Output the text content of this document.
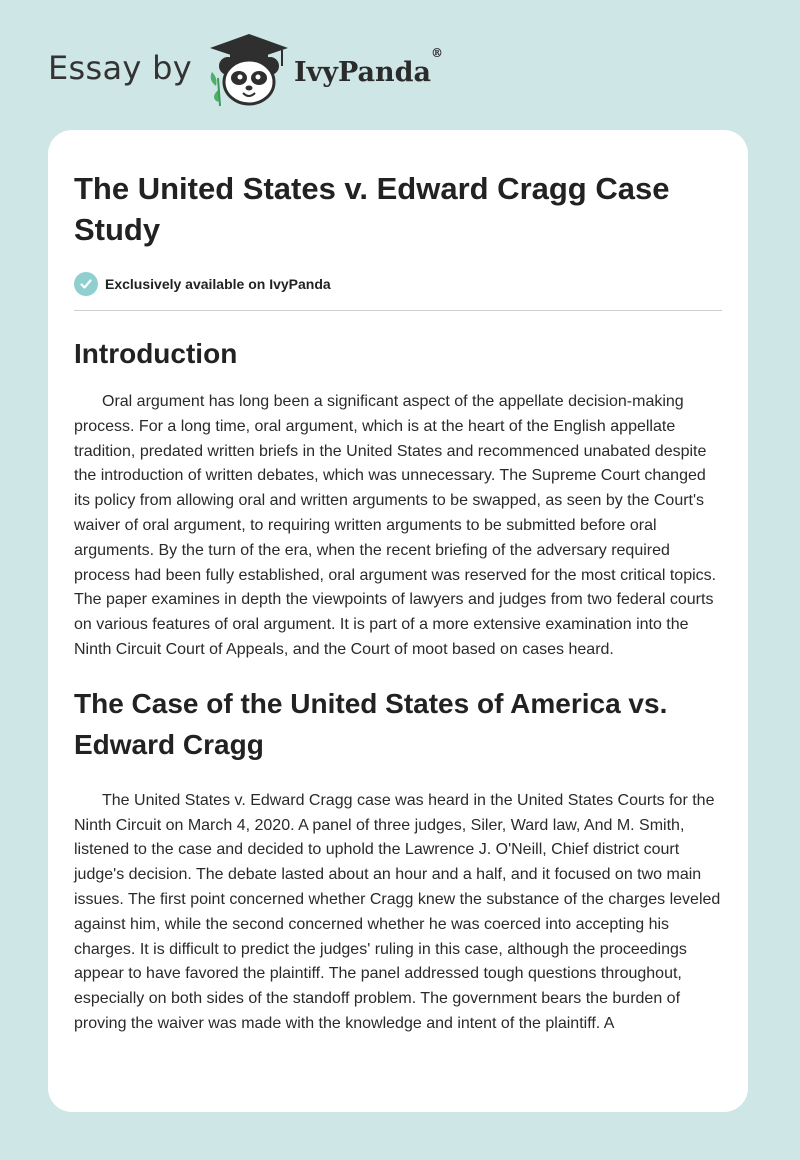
Essay by	IvyPanda®
The United States v. Edward Cragg Case Study
Exclusively available on IvyPanda
Introduction

Oral argument has long been a significant aspect of the appellate decision-making process. For a long time, oral argument, which is at the heart of the English appellate tradition, predated written briefs in the United States and recommenced unabated despite the introduction of written debates, which was unnecessary. The Supreme Court changed its policy from allowing oral and written arguments to be swapped, as seen by the Court's waiver of oral argument, to requiring written arguments to be submitted before oral arguments. By the turn of the era, when the recent briefing of the adversary required process had been fully established, oral argument was reserved for the most critical topics. The paper examines in depth the viewpoints of lawyers and judges from two federal courts on various features of oral argument. It is part of a more extensive examination into the Ninth Circuit Court of Appeals, and the Court of moot based on cases heard.

The Case of the United States of America vs. Edward Cragg

The United States v. Edward Cragg case was heard in the United States Courts for the Ninth Circuit on March 4, 2020. A panel of three judges, Siler, Ward law, And M. Smith, listened to the case and decided to uphold the Lawrence J. O'Neill, Chief district court judge's decision. The debate lasted about an hour and a half, and it focused on two main issues. The first point concerned whether Cragg knew the substance of the charges leveled against him, while the second concerned whether he was coerced into accepting his charges. It is difficult to predict the judges' ruling in this case, although the proceedings appear to have favored the plaintiff. The panel addressed tough questions throughout, especially on both sides of the standoff problem. The government bears the burden of proving the waiver was made with the knowledge and intent of the plaintiff. A
